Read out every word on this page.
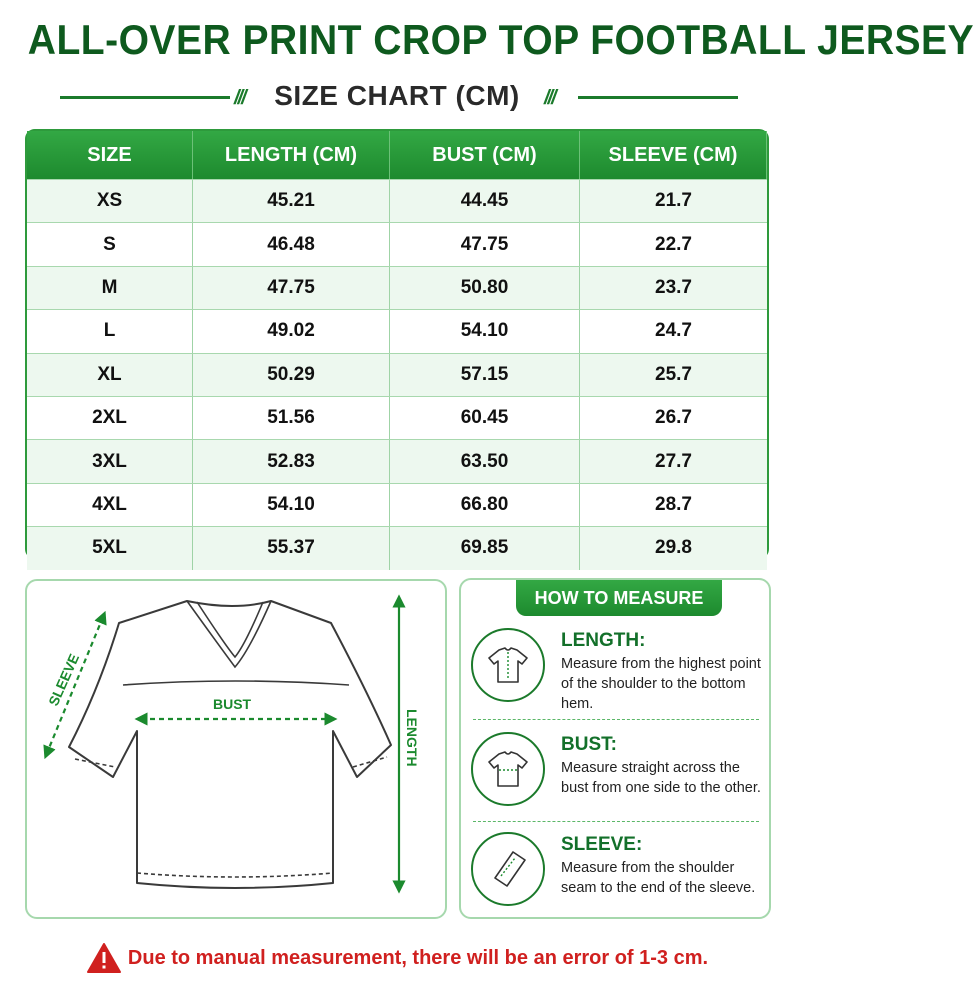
ALL-OVER PRINT CROP TOP FOOTBALL JERSEY
///	SIZE CHART (CM)	///
SIZE	LENGTH (CM)	BUST (CM)	SLEEVE (CM)
XS	45.21	44.45	21.7
S	46.48	47.75	22.7
M	47.75	50.80	23.7
L	49.02	54.10	24.7
XL	50.29	57.15	25.7
2XL	51.56	60.45	26.7
3XL	52.83	63.50	27.7
4XL	54.10	66.80	28.7
5XL	55.37	69.85	29.8
SLEEVE	BUST
LENGTH
HOW TO MEASURE
LENGTH:
Measure from the highest point of the shoulder to the bottom hem.
BUST:
Measure straight across the bust from one side to the other.
SLEEVE:
Measure from the shoulder seam to the end of the sleeve.
Due to manual measurement, there will be an error of 1-3 cm.
